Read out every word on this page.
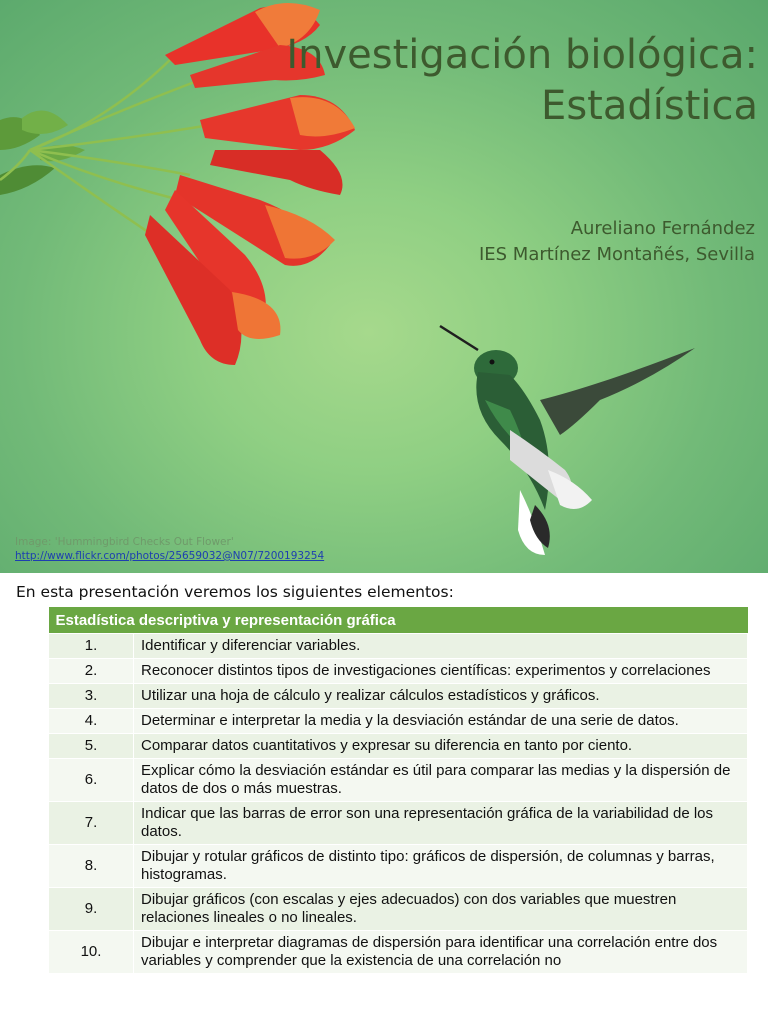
Investigación biológica:
Estadística
Aureliano Fernández
IES Martínez Montañés, Sevilla
Image: 'Hummingbird Checks Out Flower'
http://www.flickr.com/photos/25659032@N07/7200193254
En esta presentación veremos los siguientes elementos:
Estadística descriptiva y representación gráfica	
1.	Identificar y diferenciar variables.
2.	Reconocer distintos tipos de investigaciones científicas: experimentos y correlaciones
3.	Utilizar una hoja de cálculo y realizar cálculos estadísticos y gráficos.
4.	Determinar e interpretar la media y la desviación estándar de una serie de datos.
5.	Comparar datos cuantitativos y expresar su diferencia en tanto por ciento.
6.	Explicar cómo la desviación estándar es útil para comparar las medias y la dispersión de datos de dos o más muestras.
7.	Indicar que las barras de error son una representación gráfica de la variabilidad de los datos.
8.	Dibujar y rotular gráficos de distinto tipo: gráficos de dispersión, de columnas y barras, histogramas.
9.	Dibujar gráficos (con escalas y ejes adecuados) con dos variables que muestren relaciones lineales o no lineales.
10.	Dibujar e interpretar diagramas de dispersión para identificar una correlación entre dos variables y comprender que la existencia de una correlación no
